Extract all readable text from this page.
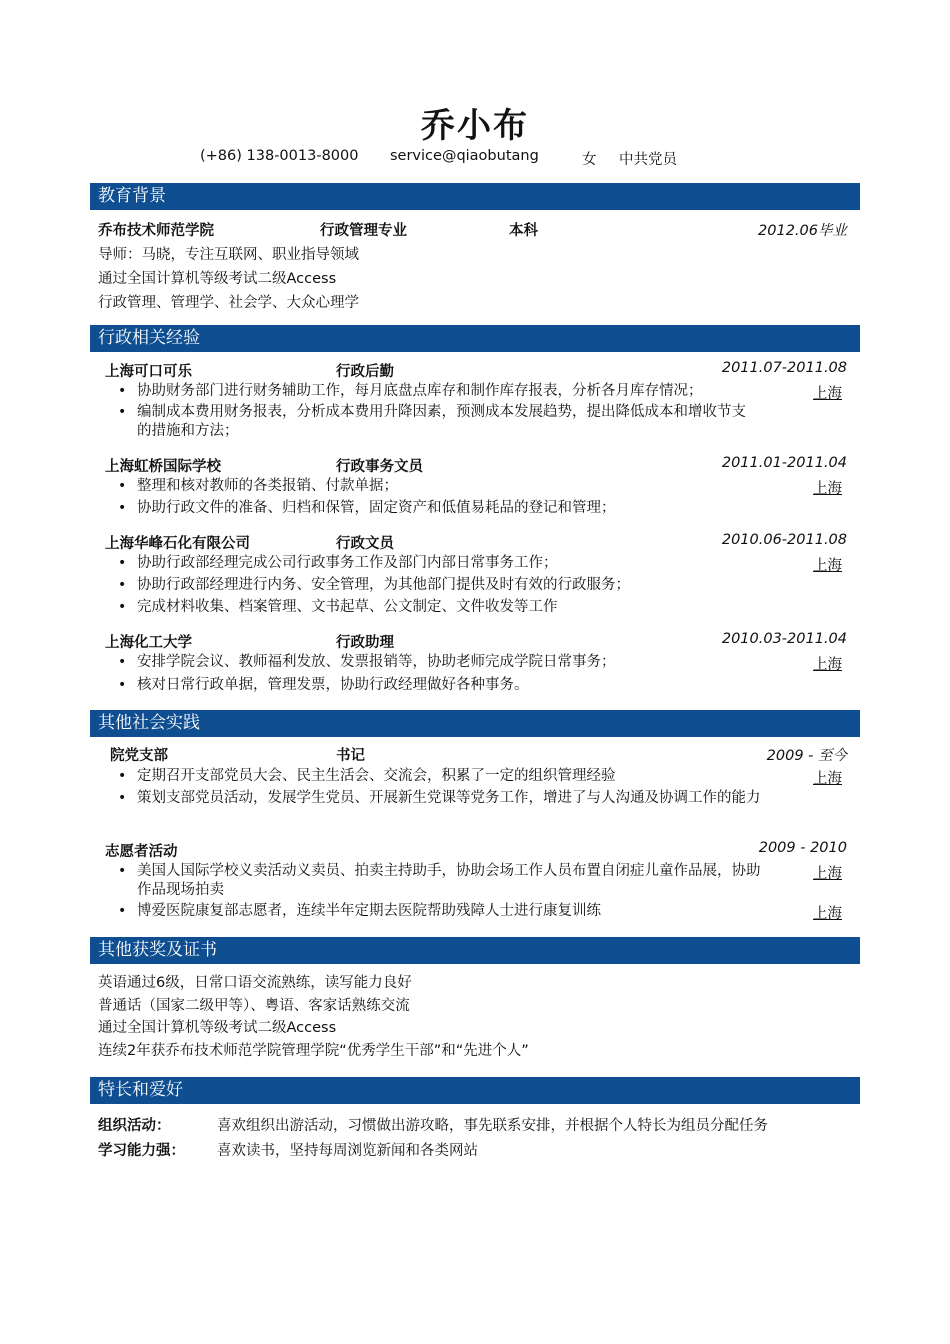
乔小布
(+86) 138-0013-8000 service@qiaobutang	女 中共党员
教育背景
乔布技术师范学院	行政管理专业	本科	2012.06毕业
导师：马晓，专注互联网、职业指导领域
通过全国计算机等级考试二级Access
行政管理、管理学、社会学、大众心理学
行政相关经验
上海可口可乐	行政后勤	2011.07-2011.08
• 协助财务部门进行财务辅助工作，每月底盘点库存和制作库存报表，分析各月库存情况；	上海
• 编制成本费用财务报表，分析成本费用升降因素，预测成本发展趋势，提出降低成本和增收节支的措施和方法；
上海虹桥国际学校	行政事务文员	2011.01-2011.04
• 整理和核对教师的各类报销、付款单据；	上海
• 协助行政文件的准备、归档和保管，固定资产和低值易耗品的登记和管理；
上海华峰石化有限公司	行政文员	2010.06-2011.08
• 协助行政部经理完成公司行政事务工作及部门内部日常事务工作；	上海
• 协助行政部经理进行内务、安全管理，为其他部门提供及时有效的行政服务；
• 完成材料收集、档案管理、文书起草、公文制定、文件收发等工作
上海化工大学	行政助理	2010.03-2011.04
• 安排学院会议、教师福利发放、发票报销等，协助老师完成学院日常事务；	上海
• 核对日常行政单据，管理发票，协助行政经理做好各种事务。
其他社会实践
院党支部	书记	2009 - 至今
• 定期召开支部党员大会、民主生活会、交流会，积累了一定的组织管理经验	上海
• 策划支部党员活动，发展学生党员、开展新生党课等党务工作，增进了与人沟通及协调工作的能力
志愿者活动	2009 - 2010
• 美国人国际学校义卖活动义卖员、拍卖主持助手，协助会场工作人员布置自闭症儿童作品展，协助作品现场拍卖
上海
• 博爱医院康复部志愿者，连续半年定期去医院帮助残障人士进行康复训练	上海
其他获奖及证书
英语通过6级，日常口语交流熟练，读写能力良好
普通话（国家二级甲等）、粤语、客家话熟练交流
通过全国计算机等级考试二级Access
连续2年获乔布技术师范学院管理学院“优秀学生干部”和“先进个人”
特长和爱好
组织活动：	喜欢组织出游活动，习惯做出游攻略，事先联系安排，并根据个人特长为组员分配任务
学习能力强： 喜欢读书，坚持每周浏览新闻和各类网站
